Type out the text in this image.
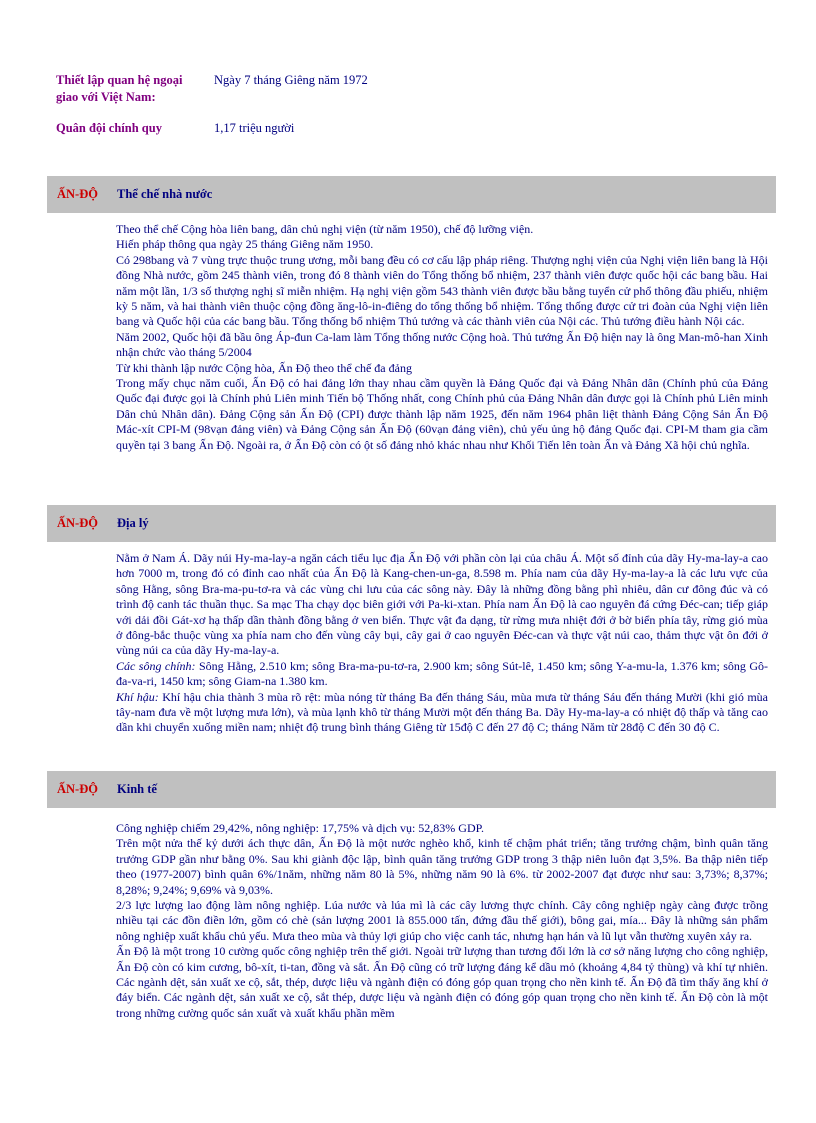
Thiết lập quan hệ ngoại giao với Việt Nam:
Ngày 7 tháng Giêng năm 1972
Quân đội chính quy	1,17 triệu người
ẤN-ĐỘ Thể chế nhà nước

Theo thể chế Cộng hòa liên bang, dân chủ nghị viện (từ năm 1950), chế độ lưỡng viện.

Hiến pháp thông qua ngày 25 tháng Giêng năm 1950.

Có 298bang và 7 vùng trực thuộc trung ương, mỗi bang đều có cơ cấu lập pháp riêng. Thượng nghị viện của Nghị viện liên bang là Hội đồng Nhà nước, gồm 245 thành viên, trong đó 8 thành viên do Tổng thống bổ nhiệm, 237 thành viên được quốc hội các bang bầu. Hai năm một lần, 1/3 số thượng nghị sĩ miễn nhiệm. Hạ nghị viện gồm 543 thành viên được bầu bằng tuyển cử phổ thông đầu phiếu, nhiệm kỳ 5 năm, và hai thành viên thuộc cộng đồng ăng-lô-in-điêng do tổng thống bổ nhiệm. Tổng thống được cử tri đoàn của Nghị viện liên bang và Quốc hội của các bang bầu. Tổng thống bổ nhiệm Thủ tướng và các thành viên của Nội các. Thủ tướng điều hành Nội các.

Năm 2002, Quốc hội đã bầu ông Áp-đun Ca-lam làm Tổng thống nước Cộng hoà. Thủ tướng Ấn Độ hiện nay là ông Man-mô-han Xinh nhận chức vào tháng 5/2004

Từ khi thành lập nước Cộng hòa, Ấn Độ theo thể chế đa đảng

Trong mấy chục năm cuối, Ấn Độ có hai đảng lớn thay nhau cầm quyền là Đảng Quốc đại và Đảng Nhân dân (Chính phủ của Đảng Quốc đại được gọi là Chính phủ Liên minh Tiến bộ Thống nhất, cong Chính phủ của Đảng Nhân dân được gọi là Chính phủ Liên minh Dân chủ Nhân dân). Đảng Cộng sản Ấn Độ (CPI) được thành lập năm 1925, đến năm 1964 phân liệt thành Đảng Cộng Sản Ấn Độ Mác-xít CPI-M (98vạn đảng viên) và Đảng Cộng sản Ấn Độ (60vạn đảng viên), chủ yếu ủng hộ đảng Quốc đại. CPI-M tham gia cầm quyền tại 3 bang Ấn Độ. Ngoài ra, ở Ấn Độ còn có ột số đảng nhỏ khác nhau như Khối Tiến lên toàn Ấn và Đảng Xã hội chủ nghĩa.

ẤN-ĐỘ Địa lý

Nằm ở Nam Á. Dãy núi Hy-ma-lay-a ngăn cách tiểu lục địa Ấn Độ với phần còn lại của châu Á. Một số đỉnh của dãy Hy-ma-lay-a cao hơn 7000 m, trong đó có đỉnh cao nhất của Ấn Độ là Kang-chen-un-ga, 8.598 m. Phía nam của dãy Hy-ma-lay-a là các lưu vực của sông Hằng, sông Bra-ma-pu-tơ-ra và các vùng chi lưu của các sông này. Đây là những đồng bằng phì nhiêu, dân cư đông đúc và có trình độ canh tác thuần thục. Sa mạc Tha chạy dọc biên giới với Pa-ki-xtan. Phía nam Ấn Độ là cao nguyên đá cứng Đéc-can; tiếp giáp với dải đồi Gát-xơ hạ thấp dần thành đồng bằng ở ven biển. Thực vật đa dạng, từ rừng mưa nhiệt đới ở bờ biển phía tây, rừng gió mùa ở đông-bắc thuộc vùng xa phía nam cho đến vùng cây bụi, cây gai ở cao nguyên Đéc-can và thực vật núi cao, thảm thực vật ôn đới ở vùng núi ca của dãy Hy-ma-lay-a.

Các sông chính: Sông Hằng, 2.510 km; sông Bra-ma-pu-tơ-ra, 2.900 km; sông Sút-lê, 1.450 km; sông Y-a-mu-la, 1.376 km; sông Gô-đa-va-ri, 1450 km; sông Giam-na 1.380 km.

Khí hậu: Khí hậu chia thành 3 mùa rõ rệt: mùa nóng từ tháng Ba đến tháng Sáu, mùa mưa từ tháng Sáu đến tháng Mười (khi gió mùa tây-nam đưa về một lượng mưa lớn), và mùa lạnh khô từ tháng Mười một đến tháng Ba. Dãy Hy-ma-lay-a có nhiệt độ thấp và tăng cao dần khi chuyển xuống miền nam; nhiệt độ trung bình tháng Giêng từ 15độ C đến 27 độ C; tháng Năm từ 28độ C đến 30 độ C.

ẤN-ĐỘ Kinh tế

Công nghiệp chiếm 29,42%, nông nghiệp: 17,75% và dịch vụ: 52,83% GDP.

Trên một nửa thế kỷ dưới ách thực dân, Ấn Độ là một nước nghèo khổ, kinh tế chậm phát triển; tăng trưởng chậm, bình quân tăng trưởng GDP gần như bằng 0%. Sau khi giành độc lập, bình quân tăng trưởng GDP trong 3 thập niên luôn đạt 3,5%. Ba thập niên tiếp theo (1977-2007) bình quân 6%/1năm, những năm 80 là 5%, những năm 90 là 6%. từ 2002-2007 đạt được như sau: 3,73%; 8,37%; 8,28%; 9,24%; 9,69% và 9,03%.

2/3 lực lượng lao động làm nông nghiệp. Lúa nước và lúa mì là các cây lương thực chính. Cây công nghiệp ngày càng được trồng nhiều tại các đồn điền lớn, gồm có chè (sản lượng 2001 là 855.000 tấn, đứng đầu thế giới), bông gai, mía... Đây là những sản phẩm nông nghiệp xuất khẩu chủ yếu. Mưa theo mùa và thủy lợi giúp cho việc canh tác, nhưng hạn hán và lũ lụt vẫn thường xuyên xảy ra.

Ấn Độ là một trong 10 cường quốc công nghiệp trên thế giới. Ngoài trữ lượng than tương đối lớn là cơ sở năng lượng cho công nghiệp, Ấn Độ còn có kim cương, bô-xít, ti-tan, đồng và sắt. Ấn Độ cũng có trữ lượng đáng kể dầu mỏ (khoảng 4,84 tỷ thùng) và khí tự nhiên. Các ngành dệt, sản xuất xe cộ, sắt, thép, dược liệu và ngành điện có đóng góp quan trọng cho nền kinh tế. Ấn Độ đã tìm thấy ăng khí ở đáy biển. Các ngành dệt, sản xuất xe cộ, sắt thép, dược liệu và ngành điện có đóng góp quan trọng cho nền kinh tế. Ấn Độ còn là một trong những cường quốc sản xuất và xuất khẩu phần mềm
